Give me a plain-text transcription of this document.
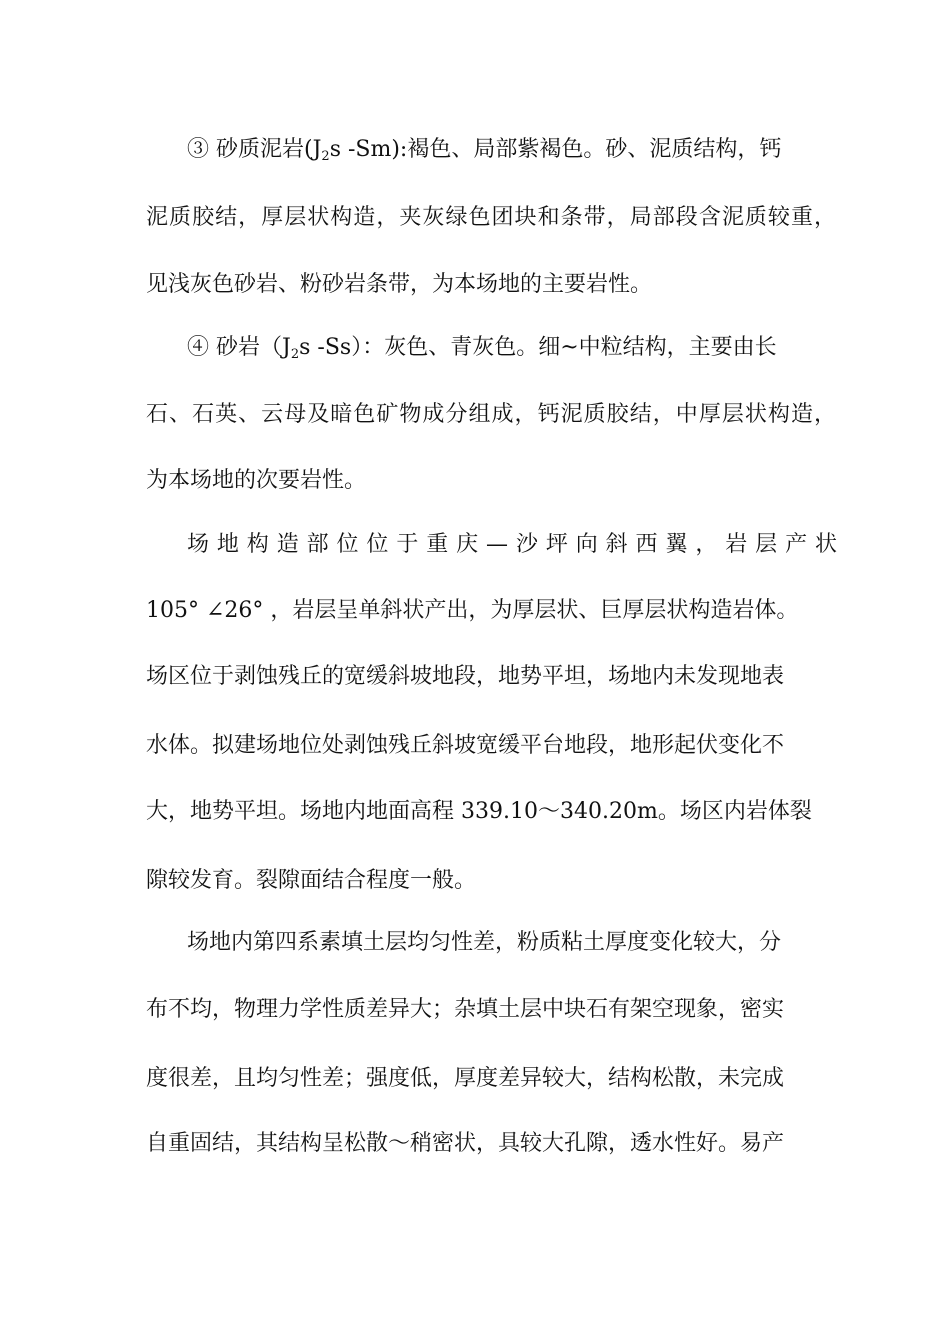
③ 砂质泥岩(J2s -Sm):褐色、局部紫褐色。砂、泥质结构，钙
泥质胶结，厚层状构造，夹灰绿色团块和条带，局部段含泥质较重，
见浅灰色砂岩、粉砂岩条带，为本场地的主要岩性。
④ 砂岩（J2s -Ss）：灰色、青灰色。细~中粒结构，主要由长
石、石英、云母及暗色矿物成分组成，钙泥质胶结，中厚层状构造，
为本场地的次要岩性。
场地构造部位位于重庆—沙坪向斜西翼，岩层产状
105° ∠26° ，岩层呈单斜状产出，为厚层状、巨厚层状构造岩体。
场区位于剥蚀残丘的宽缓斜坡地段，地势平坦，场地内未发现地表
水体。拟建场地位处剥蚀残丘斜坡宽缓平台地段，地形起伏变化不
大，地势平坦。场地内地面高程 339.10～340.20m。场区内岩体裂
隙较发育。裂隙面结合程度一般。
场地内第四系素填土层均匀性差，粉质粘土厚度变化较大，分
布不均，物理力学性质差异大；杂填土层中块石有架空现象，密实
度很差，且均匀性差；强度低，厚度差异较大，结构松散，未完成
自重固结，其结构呈松散～稍密状，具较大孔隙，透水性好。易产
